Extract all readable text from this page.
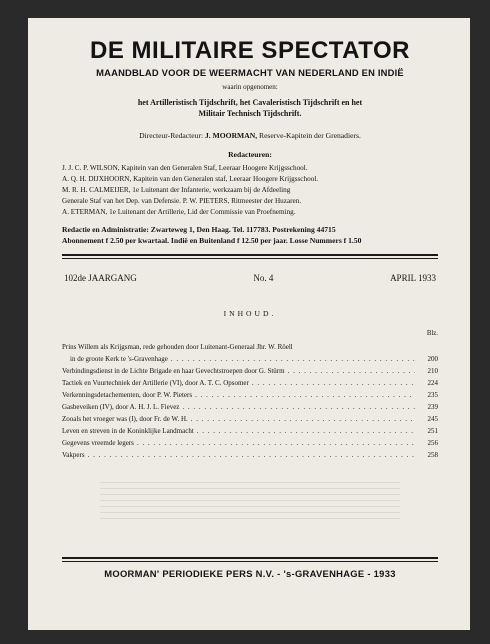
DE MILITAIRE SPECTATOR
MAANDBLAD VOOR DE WEERMACHT VAN NEDERLAND EN INDIË
waarin opgenomen:
het Artilleristisch Tijdschrift, het Cavaleristisch Tijdschrift en het
Militair Technisch Tijdschrift.
Directeur-Redacteur: J. MOORMAN, Reserve-Kapitein der Grenadiers.
Redacteuren:
J. J. C. P. WILSON, Kapitein van den Generalen Staf, Leeraar Hoogere Krijgsschool.
A. Q. H. DIJXHOORN, Kapitein van den Generalen staf, Leeraar Hoogere Krijgsschool.
M. R. H. CALMEIJER, 1e Luitenant der Infanterie, werkzaam bij de Afdeeling
Generale Staf van het Dep. van Defensie. P. W. PIETERS, Ritmeester der Huzaren.
A. ETERMAN, 1e Luitenant der Artillerie, Lid der Commissie van Proefneming.
Redactie en Administratie: Zwarteweg 1, Den Haag. Tel. 117783. Postrekening 44715
Abonnement f 2.50 per kwartaal. Indië en Buitenland f 12.50 per jaar. Losse Nummers f 1.50
102de JAARGANG	No. 4	APRIL 1933
INHOUD.
Blz.
Prins Willem als Krijgsman, rede gehouden door Luitenant-Generaal Jhr. W. Röell
in de groote Kerk te 's-Gravenhage . . .	200
Verbindingsdienst in de Lichte Brigade en haar Gevechtstroepen door G. Stürm . . .	210
Tactiek en Vuurtechniek der Artillerie (VI), door A. T. C. Opsomer . . .	224
Verkenningsdetachementen, door P. W. Pieters . . .	235
Gasbeveiken (IV), door A. H. J. L. Fievez . . .	239
Zooals het vroeger was (I), door Fr. de W. H. . . .	245
Leven en streven in de Koninklijke Landmacht . . .	251
Gegevens vreemde legers . . .	256
Vakpers . . .	258
MOORMAN' PERIODIEKE PERS N.V. - 's-GRAVENHAGE - 1933
